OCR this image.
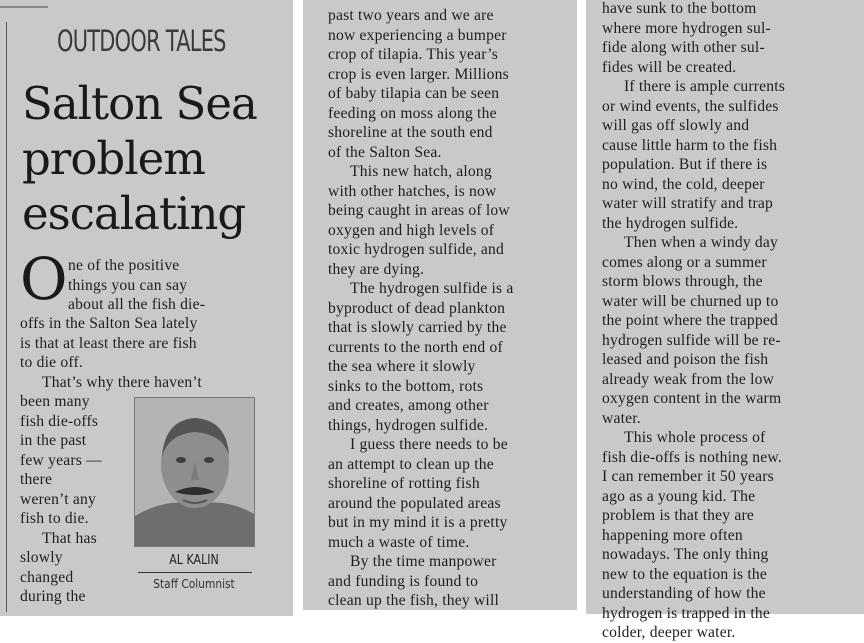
OUTDOOR TALES
Salton Sea
problem
escalating
O ne of the positive
things you can say
about all the fish die-
offs in the Salton Sea lately
is that at least there are fish
to die off.
That’s why there haven’t
been many
fish die-offs
in the past
few years —
there
weren’t any
fish to die.
That has
slowly
changed
during the
AL KALIN
Staff Columnist
past two years and we are
now experiencing a bumper
crop of tilapia. This year’s
crop is even larger. Millions
of baby tilapia can be seen
feeding on moss along the
shoreline at the south end
of the Salton Sea.
This new hatch, along
with other hatches, is now
being caught in areas of low
oxygen and high levels of
toxic hydrogen sulfide, and
they are dying.
The hydrogen sulfide is a
byproduct of dead plankton
that is slowly carried by the
currents to the north end of
the sea where it slowly
sinks to the bottom, rots
and creates, among other
things, hydrogen sulfide.
I guess there needs to be
an attempt to clean up the
shoreline of rotting fish
around the populated areas
but in my mind it is a pretty
much a waste of time.
By the time manpower
and funding is found to
clean up the fish, they will
have sunk to the bottom
where more hydrogen sul-
fide along with other sul-
fides will be created.
If there is ample currents
or wind events, the sulfides
will gas off slowly and
cause little harm to the fish
population. But if there is
no wind, the cold, deeper
water will stratify and trap
the hydrogen sulfide.
Then when a windy day
comes along or a summer
storm blows through, the
water will be churned up to
the point where the trapped
hydrogen sulfide will be re-
leased and poison the fish
already weak from the low
oxygen content in the warm
water.
This whole process of
fish die-offs is nothing new.
I can remember it 50 years
ago as a young kid. The
problem is that they are
happening more often
nowadays. The only thing
new to the equation is the
understanding of how the
hydrogen is trapped in the
colder, deeper water.
